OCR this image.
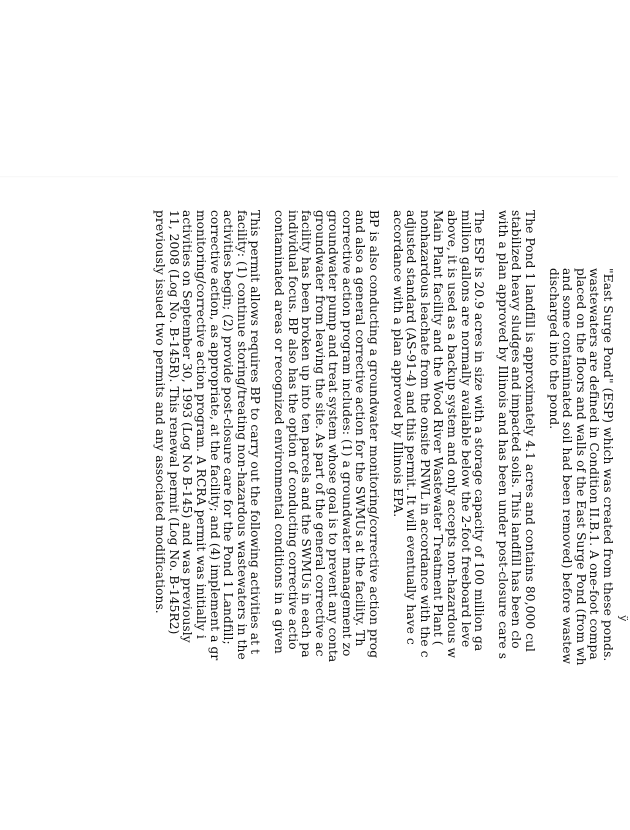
ÿ
"East Surge Pond" (ESP) which was created from these ponds.
wastewaters are defined in Condition II.B.1. A one-foot compa
placed on the floors and walls of the East Surge Pond (from wh
and some contaminated soil had been removed) before wastew
discharged into the pond.
The Pond 1 landfill is approximately 4.1 acres and contains 80,000 cul
stabilized heavy sludges and impacted soils. This landfill has been clo
with a plan approved by Illinois and has been under post-closure care s
The ESP is 20.9 acres in size with a storage capacity of 100 million ga
million gallons are normally available below the 2-foot freeboard leve
above, it is used as a backup system and only accepts non-hazardous w
Main Plant facility and the Wood River Wastewater Treatment Plant (
nonhazardous leachate from the onsite PNWL in accordance with the c
adjusted standard (AS-91-4) and this permit. It will eventually have c
accordance with a plan approved by Illinois EPA.
BP is also conducting a groundwater monitoring/corrective action prog
and also a general corrective action for the SWMUs at the facility. Th
corrective action program includes: (1) a groundwater management zo
groundwater pump and treat system whose goal is to prevent any conta
groundwater from leaving the site. As part of the general corrective ac
facility has been broken up into ten parcels and the SWMUs in each pa
individual focus. BP also has the option of conducting corrective actio
contaminated areas or recognized environmental conditions in a given
This permit allows requires BP to carry out the following activities at t
facility: (1) continue storing/treating non-hazardous wastewaters in the
activities begin; (2) provide post-closure care for the Pond 1 Landfill;
corrective action, as appropriate, at the facility; and (4) implement a gr
monitoring/corrective action program. A RCRA permit was initially i
activities on September 30, 1993 (Log No B-145) and was previously
11, 2008 (Log No. B-145R). This renewal permit (Log No. B-145R2)
previously issued two permits and any associated modifications.
